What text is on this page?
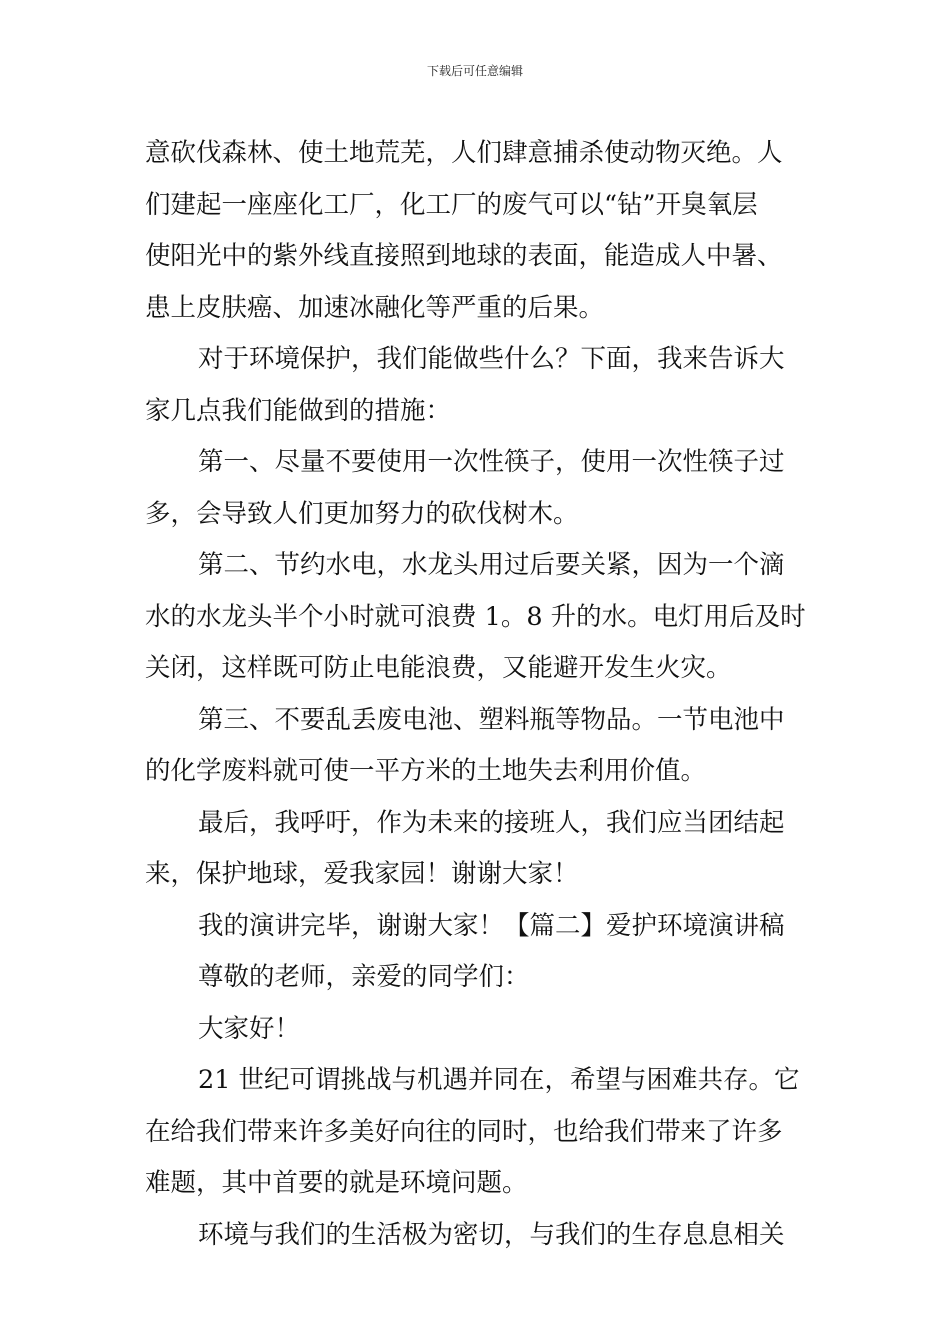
下载后可任意编辑
意砍伐森林、使土地荒芜，人们肆意捕杀使动物灭绝。人
们建起一座座化工厂，化工厂的废气可以“钻”开臭氧层
使阳光中的紫外线直接照到地球的表面，能造成人中暑、
患上皮肤癌、加速冰融化等严重的后果。
对于环境保护，我们能做些什么？下面，我来告诉大
家几点我们能做到的措施：
第一、尽量不要使用一次性筷子，使用一次性筷子过
多，会导致人们更加努力的砍伐树木。
第二、节约水电，水龙头用过后要关紧，因为一个滴
水的水龙头半个小时就可浪费 1。8 升的水。电灯用后及时
关闭，这样既可防止电能浪费，又能避开发生火灾。
第三、不要乱丢废电池、塑料瓶等物品。一节电池中
的化学废料就可使一平方米的土地失去利用价值。
最后，我呼吁，作为未来的接班人，我们应当团结起
来，保护地球，爱我家园！谢谢大家！
我的演讲完毕，谢谢大家！【篇二】爱护环境演讲稿
尊敬的老师，亲爱的同学们：
大家好！
21 世纪可谓挑战与机遇并同在，希望与困难共存。它
在给我们带来许多美好向往的同时，也给我们带来了许多
难题，其中首要的就是环境问题。
环境与我们的生活极为密切，与我们的生存息息相关
